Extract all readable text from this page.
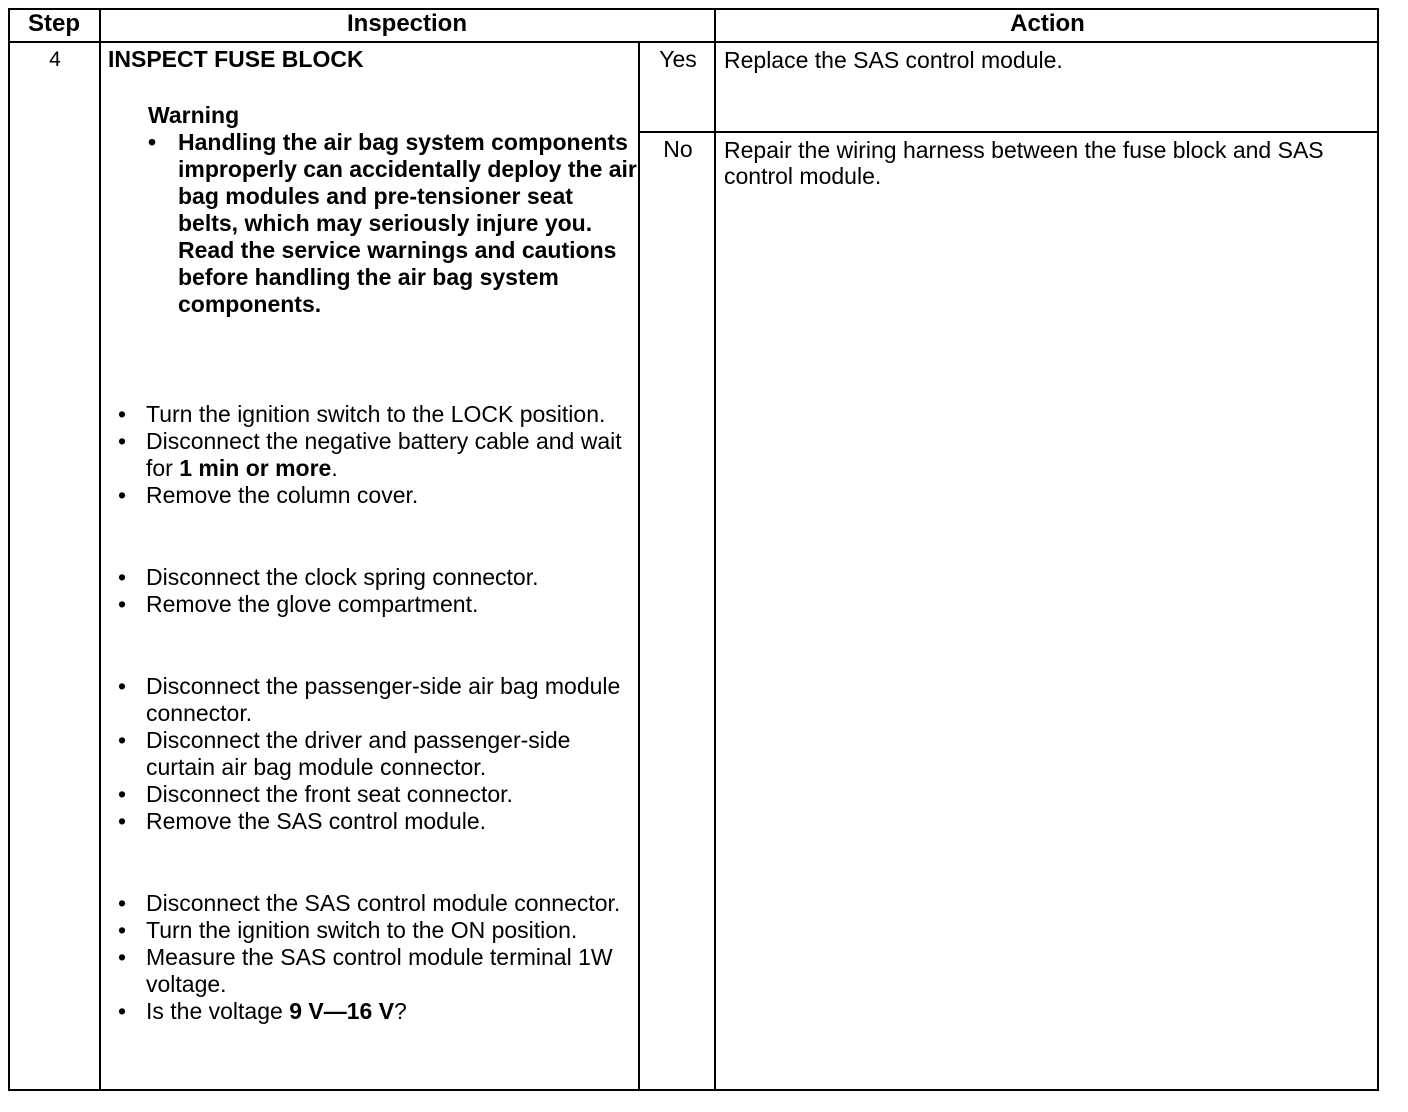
Step	Inspection	Action
4	INSPECT FUSE BLOCK
Warning
• Handling the air bag system components improperly can accidentally deploy the air bag modules and pre-tensioner seat belts, which may seriously injure you. Read the service warnings and cautions before handling the air bag system components.
• Turn the ignition switch to the LOCK position.
• Disconnect the negative battery cable and wait for 1 min or more.
• Remove the column cover.
• Disconnect the clock spring connector.
• Remove the glove compartment.
• Disconnect the passenger-side air bag module connector.
• Disconnect the driver and passenger-side curtain air bag module connector.
• Disconnect the front seat connector.
• Remove the SAS control module.
• Disconnect the SAS control module connector.
• Turn the ignition switch to the ON position.
• Measure the SAS control module terminal 1W voltage.
• Is the voltage 9 V—16 V?
Yes	Replace the SAS control module.
No	Repair the wiring harness between the fuse block and SAS control module.
